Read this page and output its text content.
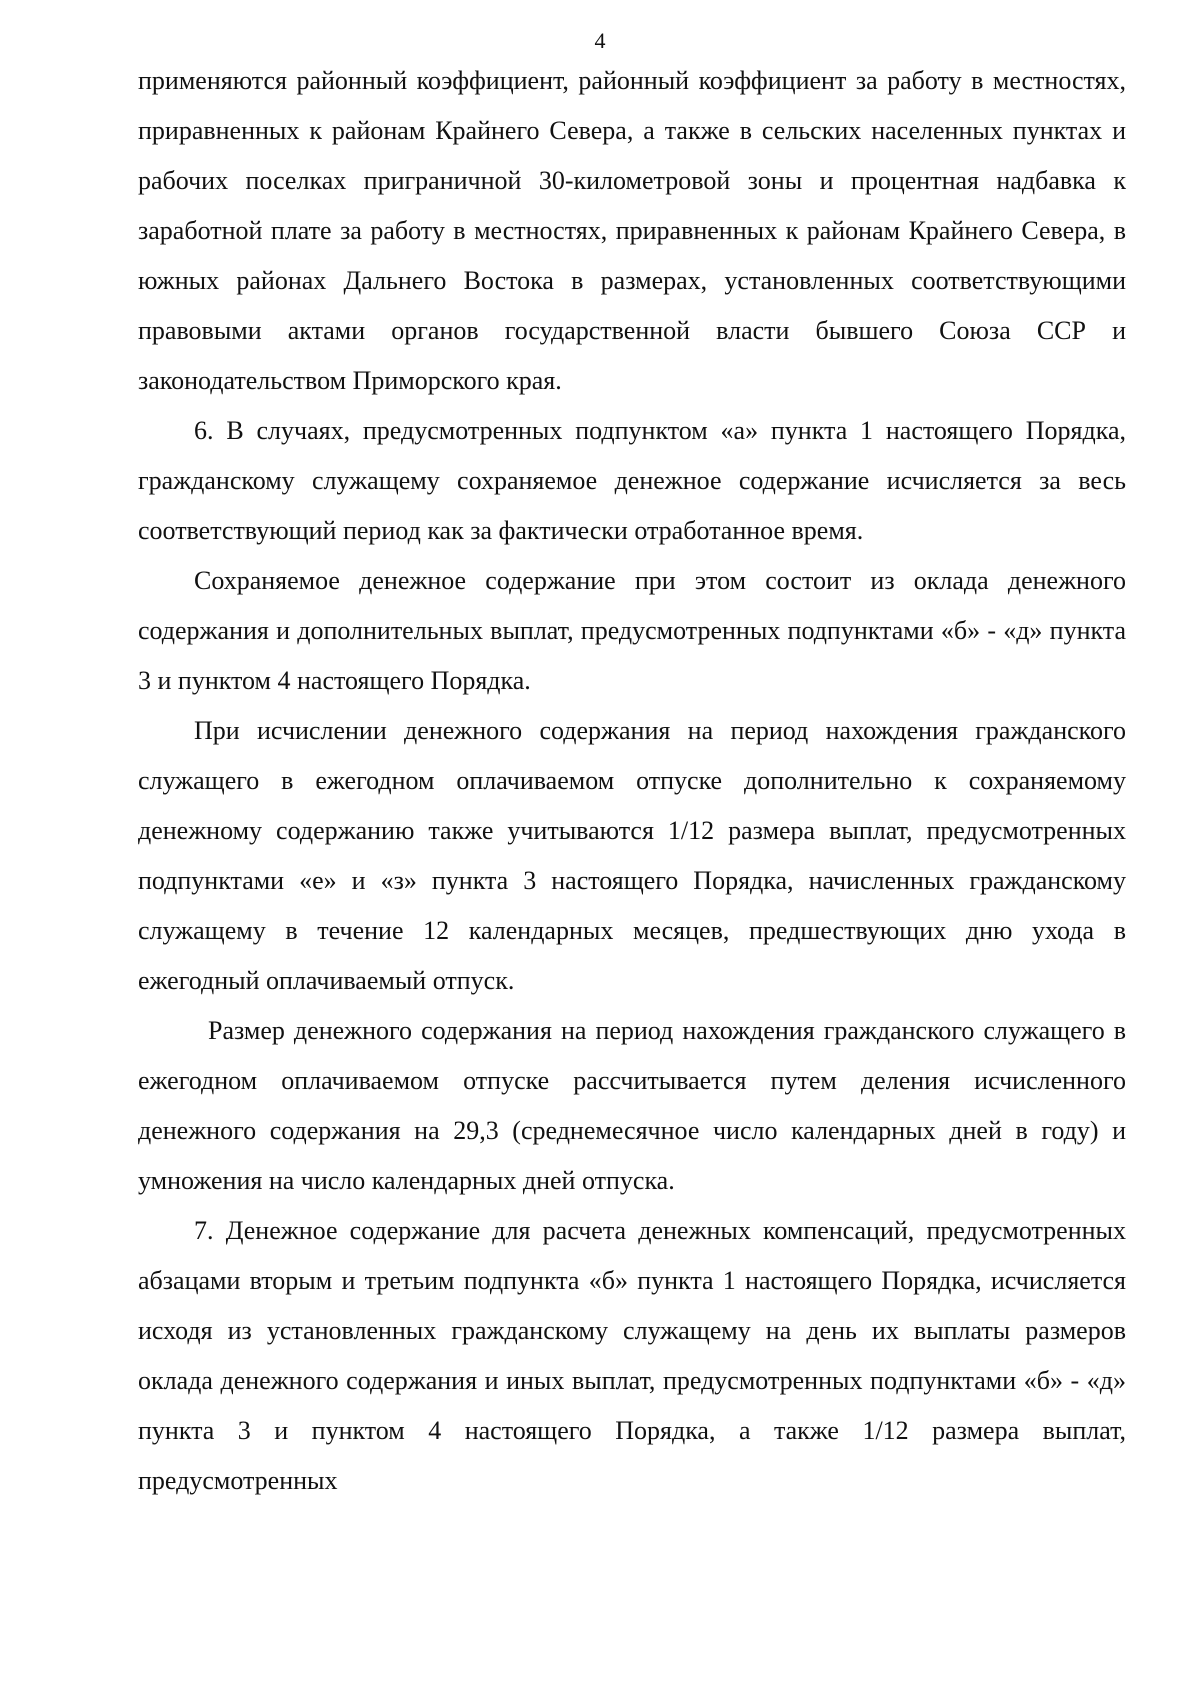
4

применяются районный коэффициент, районный коэффициент за работу в местностях, приравненных к районам Крайнего Севера, а также в сельских населенных пунктах и рабочих поселках приграничной 30-километровой зоны и процентная надбавка к заработной плате за работу в местностях, приравненных к районам Крайнего Севера, в южных районах Дальнего Востока в размерах, установленных соответствующими правовыми актами органов государственной власти бывшего Союза ССР и законодательством Приморского края.

6. В случаях, предусмотренных подпунктом «а» пункта 1 настоящего Порядка, гражданскому служащему сохраняемое денежное содержание исчисляется за весь соответствующий период как за фактически отработанное время.

Сохраняемое денежное содержание при этом состоит из оклада денежного содержания и дополнительных выплат, предусмотренных подпунктами «б» - «д» пункта 3 и пунктом 4 настоящего Порядка.

При исчислении денежного содержания на период нахождения гражданского служащего в ежегодном оплачиваемом отпуске дополнительно к сохраняемому денежному содержанию также учитываются 1/12 размера выплат, предусмотренных подпунктами «е» и «з» пункта 3 настоящего Порядка, начисленных гражданскому служащему в течение 12 календарных месяцев, предшествующих дню ухода в ежегодный оплачиваемый отпуск.

Размер денежного содержания на период нахождения гражданского служащего в ежегодном оплачиваемом отпуске рассчитывается путем деления исчисленного денежного содержания на 29,3 (среднемесячное число календарных дней в году) и умножения на число календарных дней отпуска.

7. Денежное содержание для расчета денежных компенсаций, предусмотренных абзацами вторым и третьим подпункта «б» пункта 1 настоящего Порядка, исчисляется исходя из установленных гражданскому служащему на день их выплаты размеров оклада денежного содержания и иных выплат, предусмотренных подпунктами «б» - «д» пункта 3 и пунктом 4 настоящего Порядка, а также 1/12 размера выплат, предусмотренных
